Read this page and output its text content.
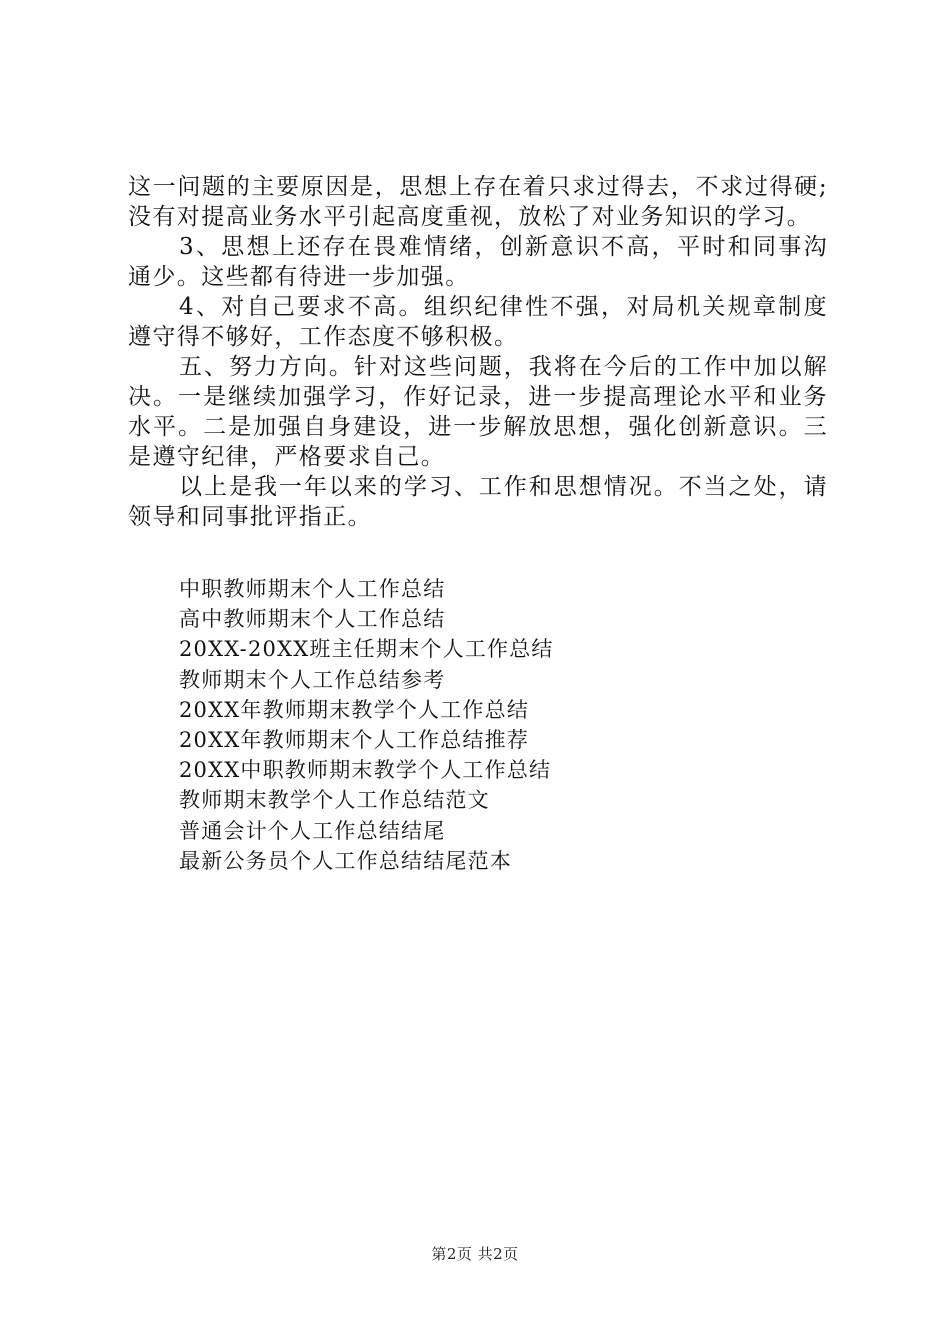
这一问题的主要原因是，思想上存在着只求过得去，不求过得硬;没有对提高业务水平引起高度重视，放松了对业务知识的学习。

3、思想上还存在畏难情绪，创新意识不高，平时和同事沟通少。这些都有待进一步加强。

4、对自己要求不高。组织纪律性不强，对局机关规章制度遵守得不够好，工作态度不够积极。

五、努力方向。针对这些问题，我将在今后的工作中加以解决。一是继续加强学习，作好记录，进一步提高理论水平和业务水平。二是加强自身建设，进一步解放思想，强化创新意识。三是遵守纪律，严格要求自己。

以上是我一年以来的学习、工作和思想情况。不当之处，请领导和同事批评指正。

中职教师期末个人工作总结

高中教师期末个人工作总结

20XX-20XX班主任期末个人工作总结

教师期末个人工作总结参考

20XX年教师期末教学个人工作总结

20XX年教师期末个人工作总结推荐

20XX中职教师期末教学个人工作总结

教师期末教学个人工作总结范文

普通会计个人工作总结结尾

最新公务员个人工作总结结尾范本

第2页 共2页
